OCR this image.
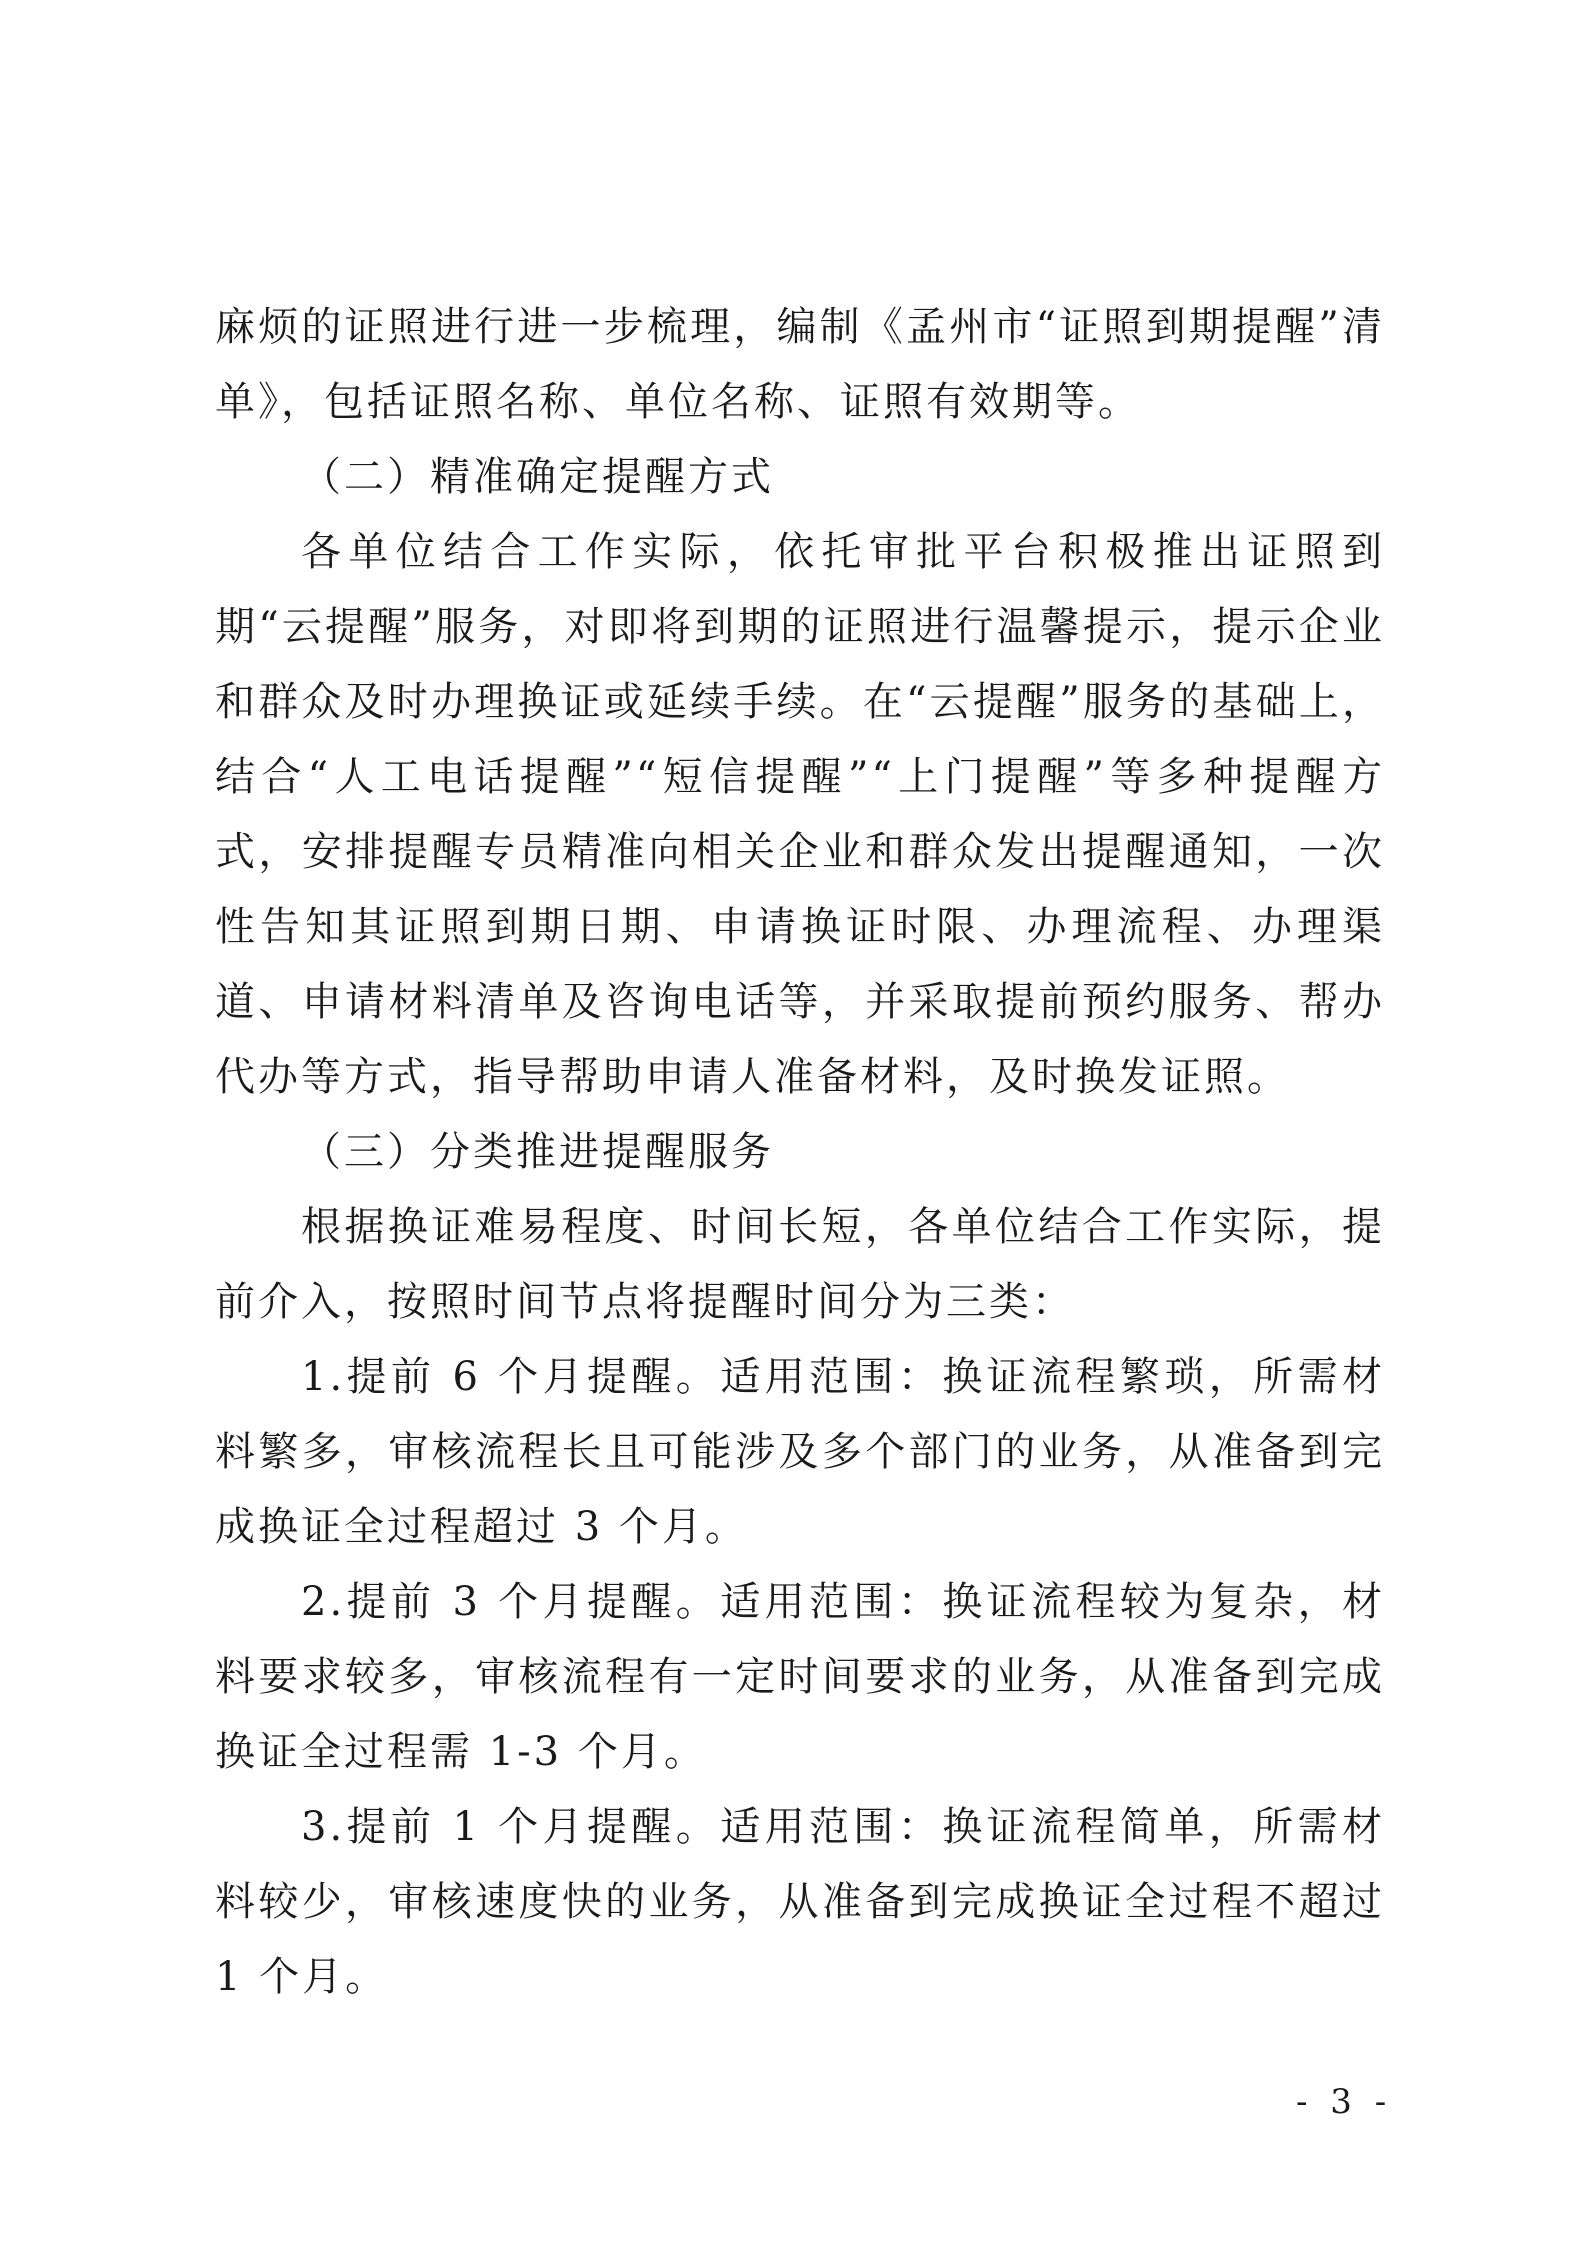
麻烦的证照进行进一步梳理，编制《孟州市“证照到期提醒”清单》，包括证照名称、单位名称、证照有效期等。

（二）精准确定提醒方式

各单位结合工作实际，依托审批平台积极推出证照到期“云提醒”服务，对即将到期的证照进行温馨提示，提示企业和群众及时办理换证或延续手续。在“云提醒”服务的基础上，结合“人工电话提醒”“短信提醒”“上门提醒”等多种提醒方式，安排提醒专员精准向相关企业和群众发出提醒通知，一次性告知其证照到期日期、申请换证时限、办理流程、办理渠道、申请材料清单及咨询电话等，并采取提前预约服务、帮办代办等方式，指导帮助申请人准备材料，及时换发证照。

（三）分类推进提醒服务

根据换证难易程度、时间长短，各单位结合工作实际，提前介入，按照时间节点将提醒时间分为三类：

1.提前 6 个月提醒。适用范围：换证流程繁琐，所需材料繁多，审核流程长且可能涉及多个部门的业务，从准备到完成换证全过程超过 3 个月。

2.提前 3 个月提醒。适用范围：换证流程较为复杂，材料要求较多，审核流程有一定时间要求的业务，从准备到完成换证全过程需 1-3 个月。

3.提前 1 个月提醒。适用范围：换证流程简单，所需材料较少，审核速度快的业务，从准备到完成换证全过程不超过 1 个月。

- 3 -
